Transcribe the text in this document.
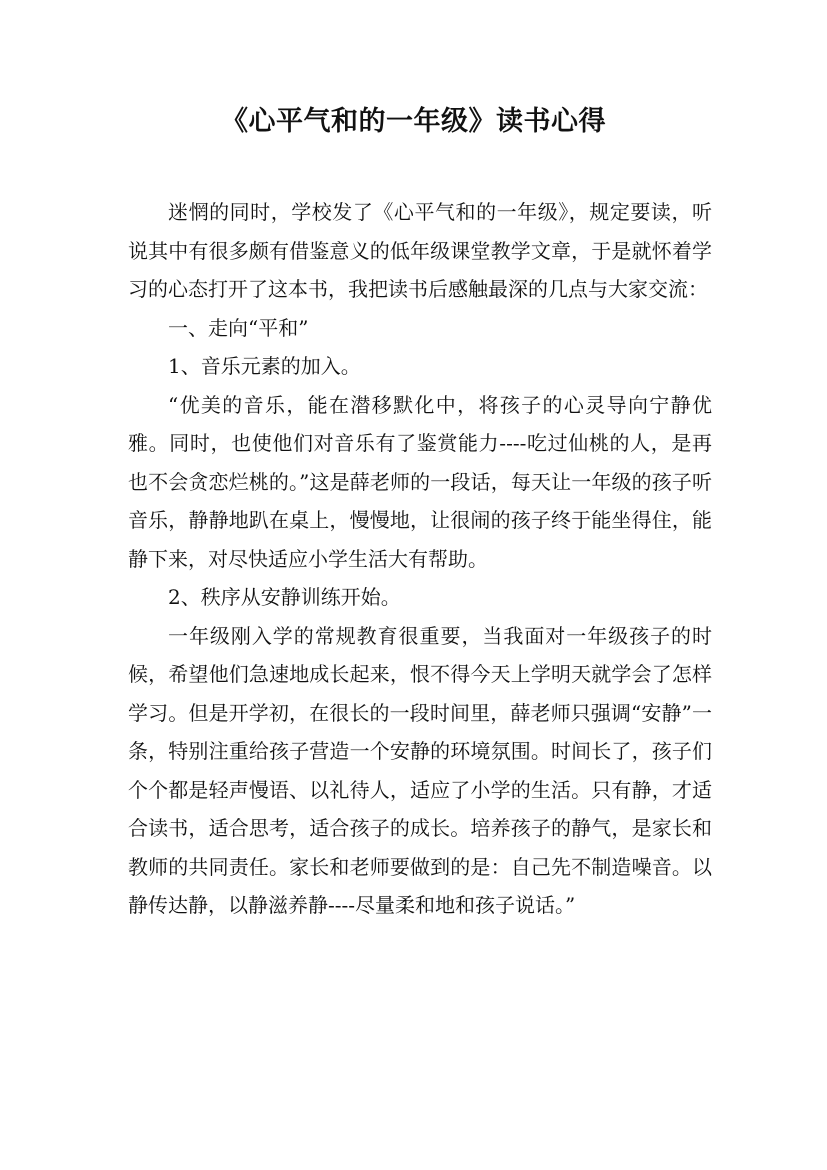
《心平气和的一年级》读书心得

迷惘的同时，学校发了《心平气和的一年级》，规定要读，听说其中有很多颇有借鉴意义的低年级课堂教学文章，于是就怀着学习的心态打开了这本书，我把读书后感触最深的几点与大家交流：

一、走向“平和”

1、音乐元素的加入。

“优美的音乐，能在潜移默化中，将孩子的心灵导向宁静优雅。同时，也使他们对音乐有了鉴赏能力----吃过仙桃的人，是再也不会贪恋烂桃的。”这是薛老师的一段话，每天让一年级的孩子听音乐，静静地趴在桌上，慢慢地，让很闹的孩子终于能坐得住，能静下来，对尽快适应小学生活大有帮助。

2、秩序从安静训练开始。

一年级刚入学的常规教育很重要，当我面对一年级孩子的时候，希望他们急速地成长起来，恨不得今天上学明天就学会了怎样学习。但是开学初，在很长的一段时间里，薛老师只强调“安静”一条，特别注重给孩子营造一个安静的环境氛围。时间长了，孩子们个个都是轻声慢语、以礼待人，适应了小学的生活。只有静，才适合读书，适合思考，适合孩子的成长。培养孩子的静气，是家长和教师的共同责任。家长和老师要做到的是：自己先不制造噪音。以静传达静，以静滋养静----尽量柔和地和孩子说话。”
